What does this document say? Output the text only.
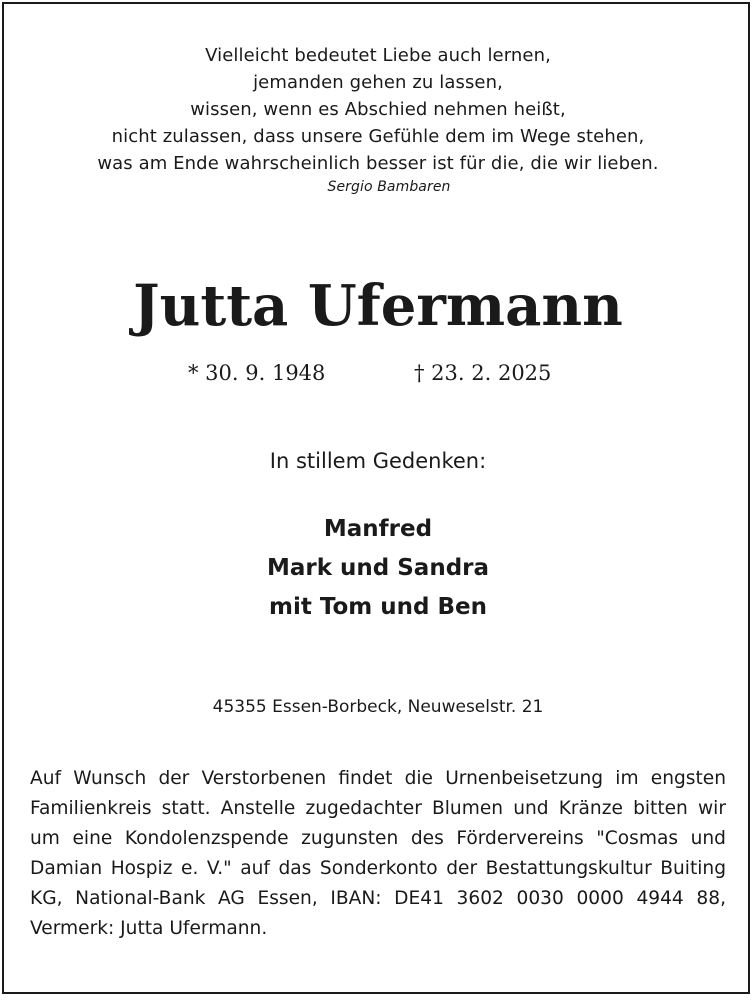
Vielleicht bedeutet Liebe auch lernen,
jemanden gehen zu lassen,
wissen, wenn es Abschied nehmen heißt,
nicht zulassen, dass unsere Gefühle dem im Wege stehen,
was am Ende wahrscheinlich besser ist für die, die wir lieben.
Sergio Bambaren
Jutta Ufermann
* 30. 9. 1948	† 23. 2. 2025
In stillem Gedenken:
Manfred
Mark und Sandra
mit Tom und Ben
45355 Essen-Borbeck, Neuweselstr. 21
Auf Wunsch der Verstorbenen findet die Urnenbeisetzung im engsten Familienkreis statt. Anstelle zugedachter Blumen und Kränze bitten wir um eine Kondolenzspende zugunsten des Fördervereins "Cosmas und Damian Hospiz e. V." auf das Sonderkonto der Bestattungskultur Buiting KG, National-Bank AG Essen, IBAN: DE41 3602 0030 0000 4944 88, Vermerk: Jutta Ufermann.
